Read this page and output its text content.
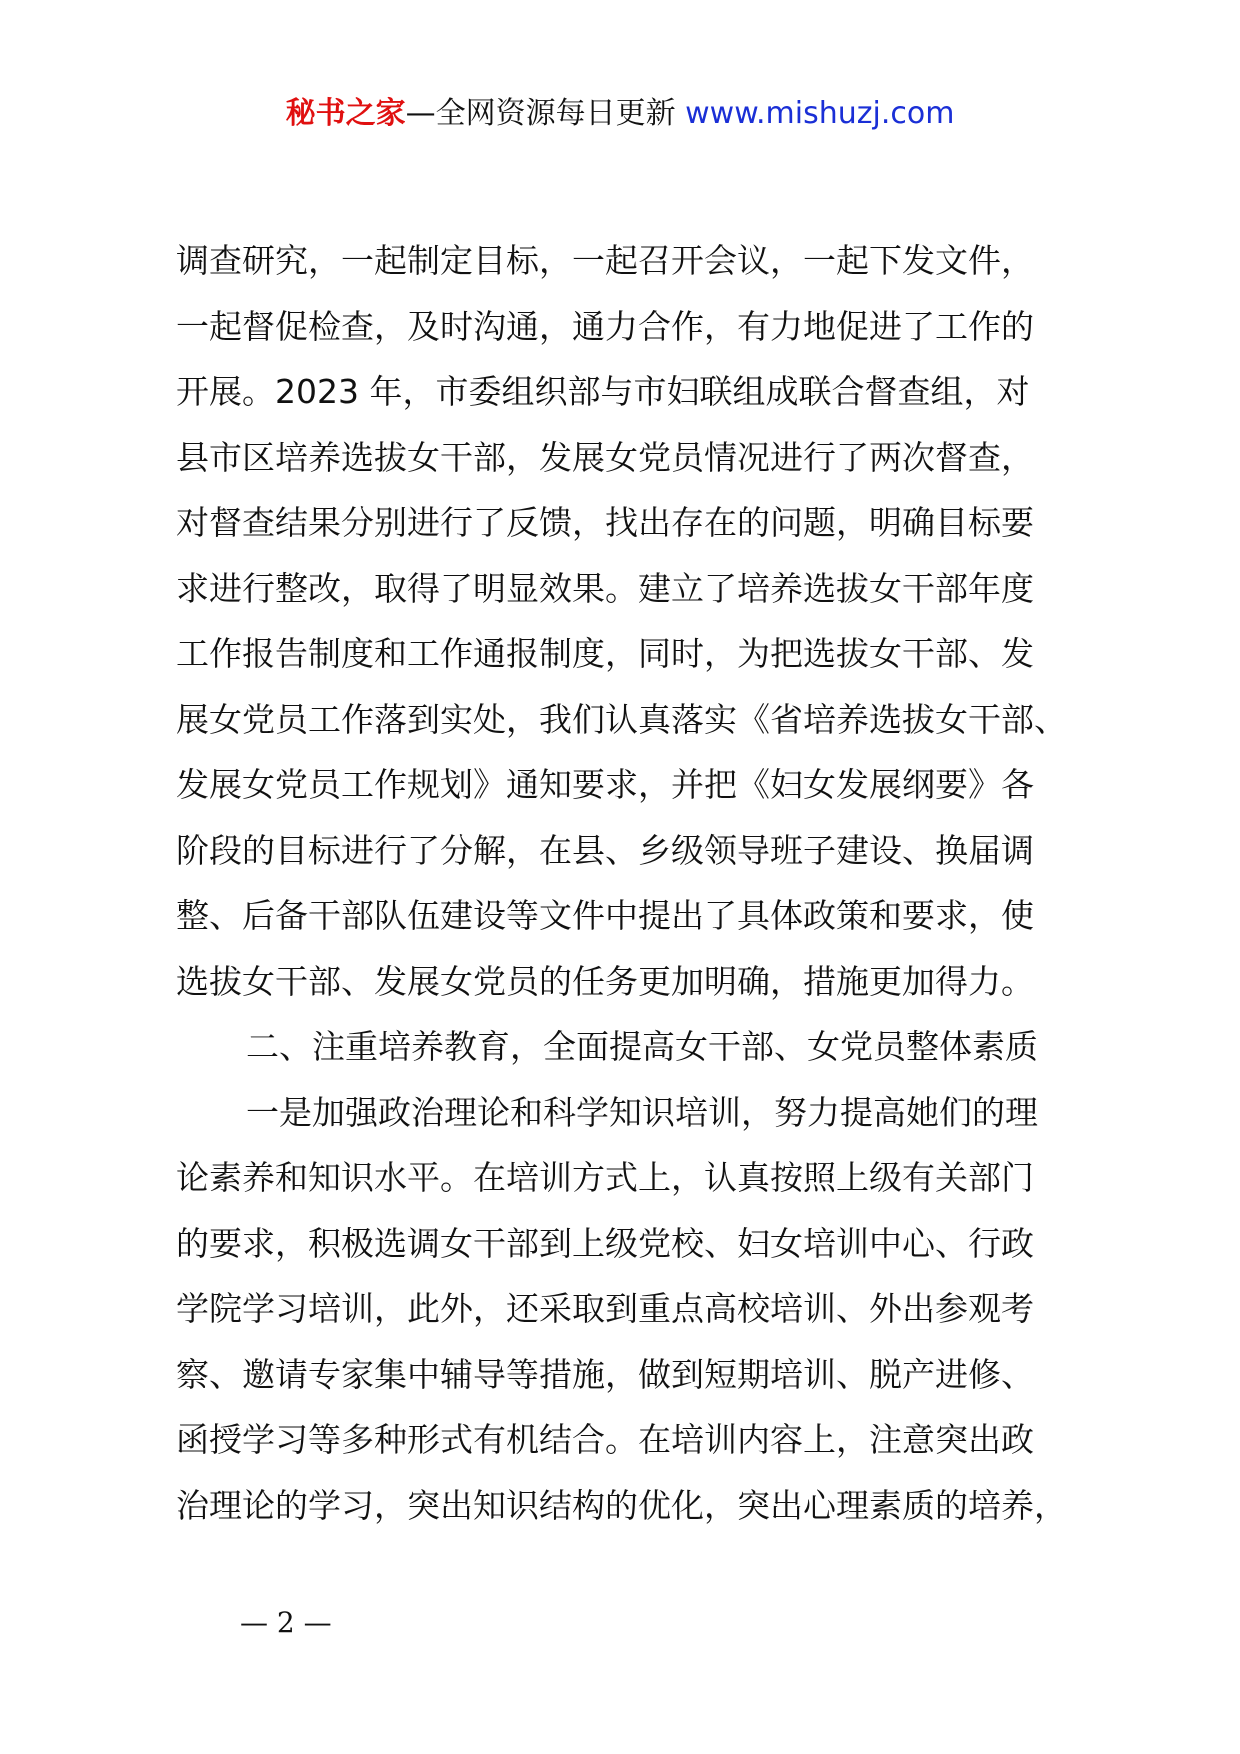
秘书之家—全网资源每日更新 www.mishuzj.com
调查研究，一起制定目标，一起召开会议，一起下发文件，
一起督促检查，及时沟通，通力合作，有力地促进了工作的
开展。2023 年，市委组织部与市妇联组成联合督查组，对
县市区培养选拔女干部，发展女党员情况进行了两次督查，
对督查结果分别进行了反馈，找出存在的问题，明确目标要
求进行整改，取得了明显效果。建立了培养选拔女干部年度
工作报告制度和工作通报制度，同时，为把选拔女干部、发
展女党员工作落到实处，我们认真落实《省培养选拔女干部、
发展女党员工作规划》通知要求，并把《妇女发展纲要》各
阶段的目标进行了分解，在县、乡级领导班子建设、换届调
整、后备干部队伍建设等文件中提出了具体政策和要求，使
选拔女干部、发展女党员的任务更加明确，措施更加得力。
二、注重培养教育，全面提高女干部、女党员整体素质
一是加强政治理论和科学知识培训，努力提高她们的理
论素养和知识水平。在培训方式上，认真按照上级有关部门
的要求，积极选调女干部到上级党校、妇女培训中心、行政
学院学习培训，此外，还采取到重点高校培训、外出参观考
察、邀请专家集中辅导等措施，做到短期培训、脱产进修、
函授学习等多种形式有机结合。在培训内容上，注意突出政
治理论的学习，突出知识结构的优化，突出心理素质的培养，
— 2 —
